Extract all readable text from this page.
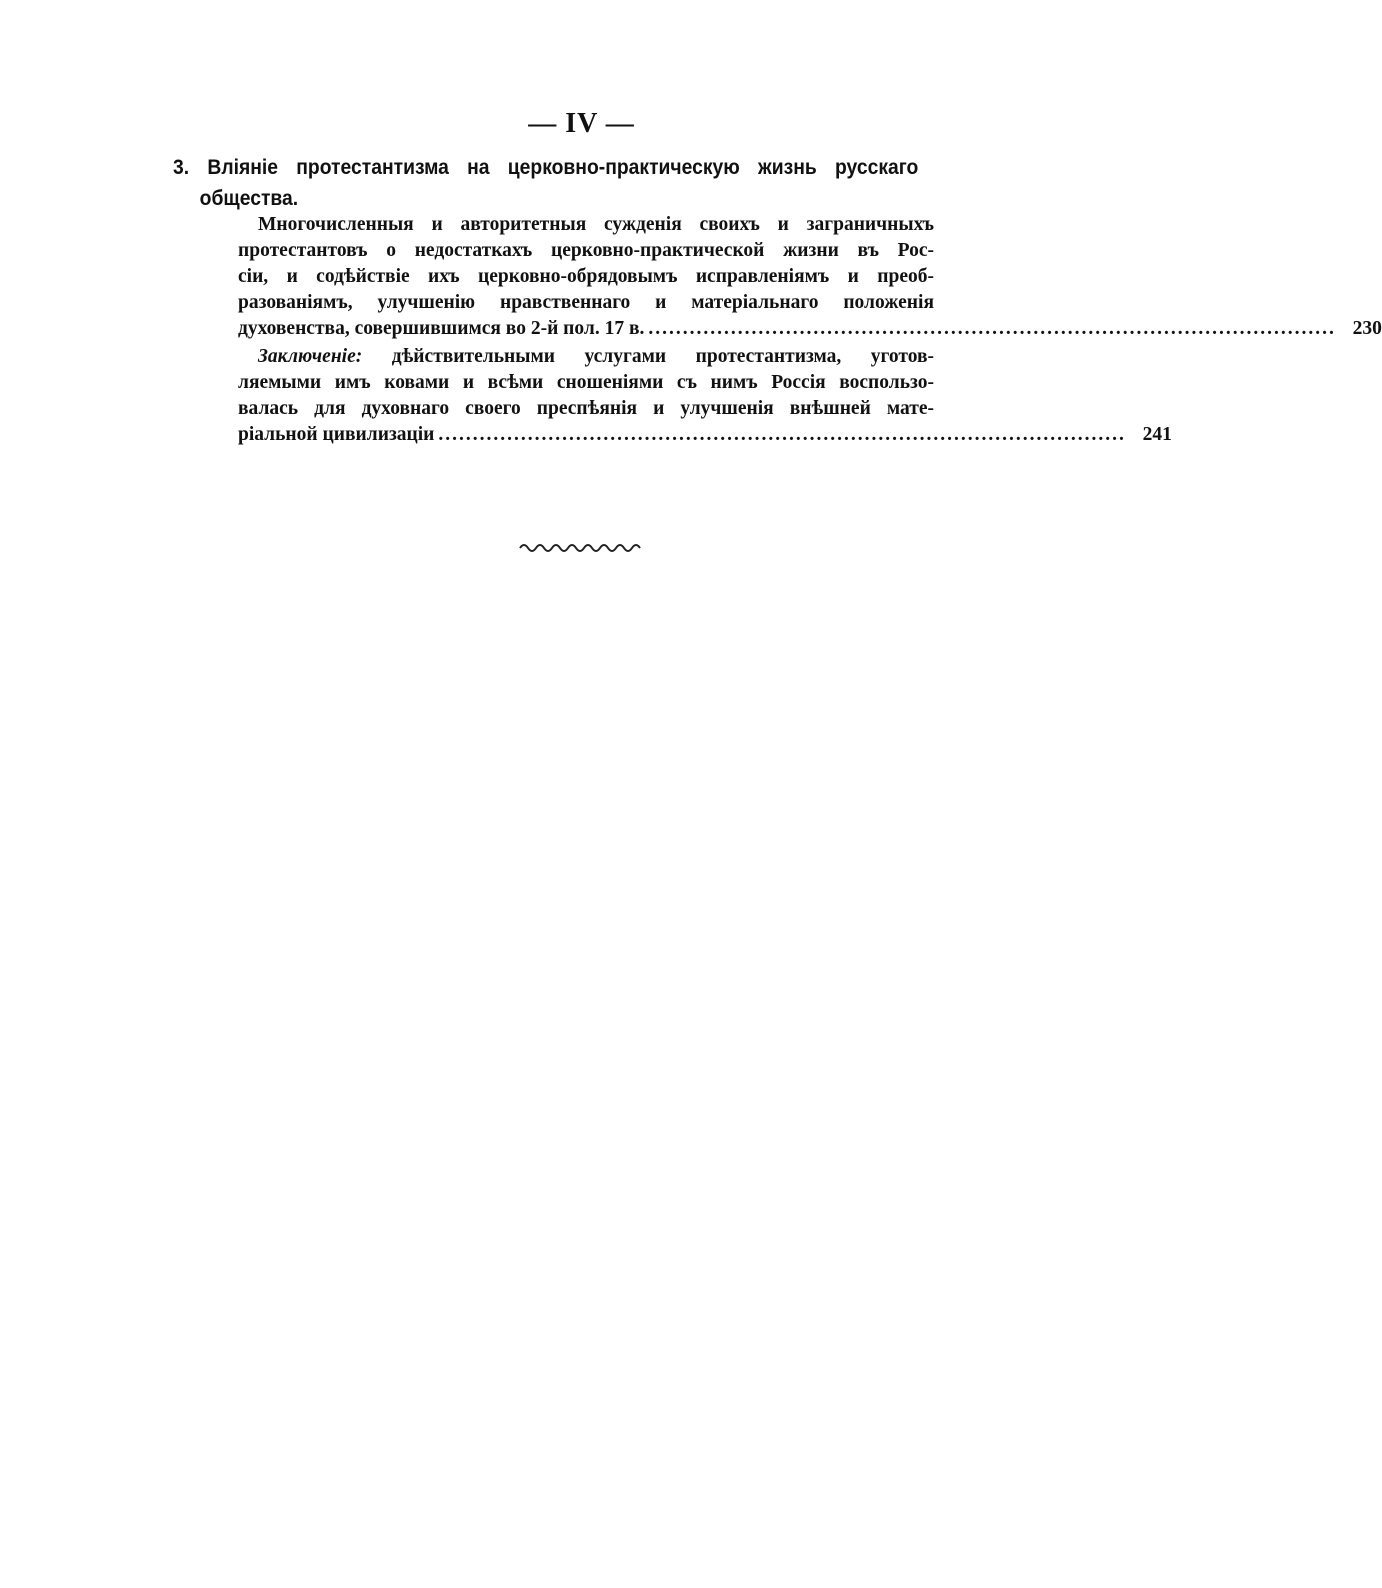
— IV —
3. Вліяніе протестантизма на церковно-практическую жизнь русскаго
общества.
Многочисленныя и авторитетныя сужденія своихъ и заграничныхъ
протестантовъ о недостаткахъ церковно-практической жизни въ Рос-
сіи, и содѣйствіе ихъ церковно-обрядовымъ исправленіямъ и преоб-
разованіямъ, улучшенію нравственнаго и матеріальнаго положенія
духовенства, совершившимся во 2-й пол. 17 в. .................................................................................................... 230
Заключеніе: дѣйствительными услугами протестантизма, уготов-
ляемыми имъ ковами и всѣми сношеніями съ нимъ Россія воспользо-
валась для духовнаго своего преспѣянія и улучшенія внѣшней мате-
ріальной цивилизаціи .................................................................................................... 241
